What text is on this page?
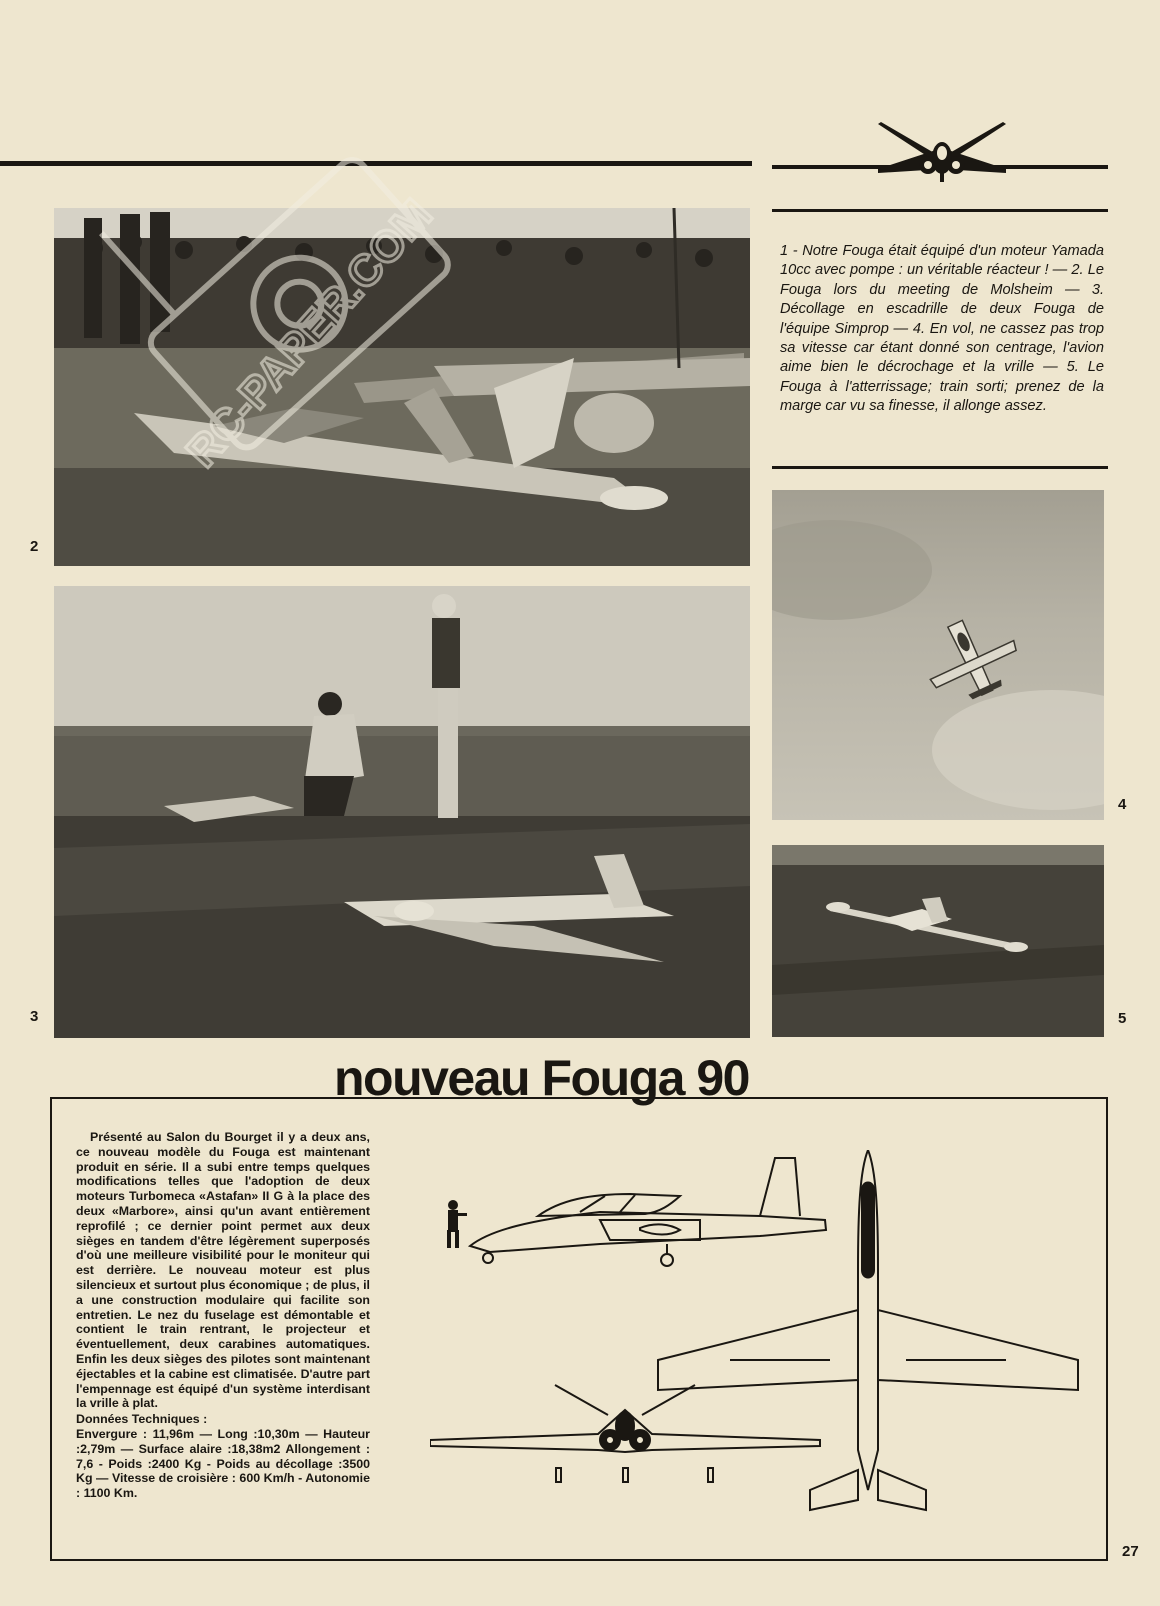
2
3
4
5
RC-PAPER.COM	1 - Notre Fouga était équipé d'un moteur Yamada 10cc avec pompe : un véritable réacteur ! — 2. Le Fouga lors du meeting de Molsheim — 3. Décollage en escadrille de deux Fouga de l'équipe Simprop — 4. En vol, ne cassez pas trop sa vitesse car étant donné son centrage, l'avion aime bien le décrochage et la vrille — 5. Le Fouga à l'atterrissage; train sorti; prenez de la marge car vu sa finesse, il allonge assez.
nouveau Fouga 90

Présenté au Salon du Bourget il y a deux ans, ce nouveau modèle du Fouga est maintenant produit en série. Il a subi entre temps quelques modifications telles que l'adoption de deux moteurs Turbomeca «Astafan» II G à la place des deux «Marbore», ainsi qu'un avant entièrement reprofilé ; ce dernier point permet aux deux sièges en tandem d'être légèrement superposés d'où une meilleure visibilité pour le moniteur qui est derrière. Le nouveau moteur est plus silencieux et surtout plus économique ; de plus, il a une construction modulaire qui facilite son entretien. Le nez du fuselage est démontable et contient le train rentrant, le projecteur et éventuellement, deux carabines automatiques. Enfin les deux sièges des pilotes sont maintenant éjectables et la cabine est climatisée. D'autre part l'empennage est équipé d'un système interdisant la vrille à plat.

Données Techniques :
Envergure : 11,96m — Long :10,30m — Hauteur :2,79m — Surface alaire :18,38m2 Allongement : 7,6 - Poids :2400 Kg - Poids au décollage :3500 Kg — Vitesse de croisière : 600 Km/h - Autonomie : 1100 Km.
27
